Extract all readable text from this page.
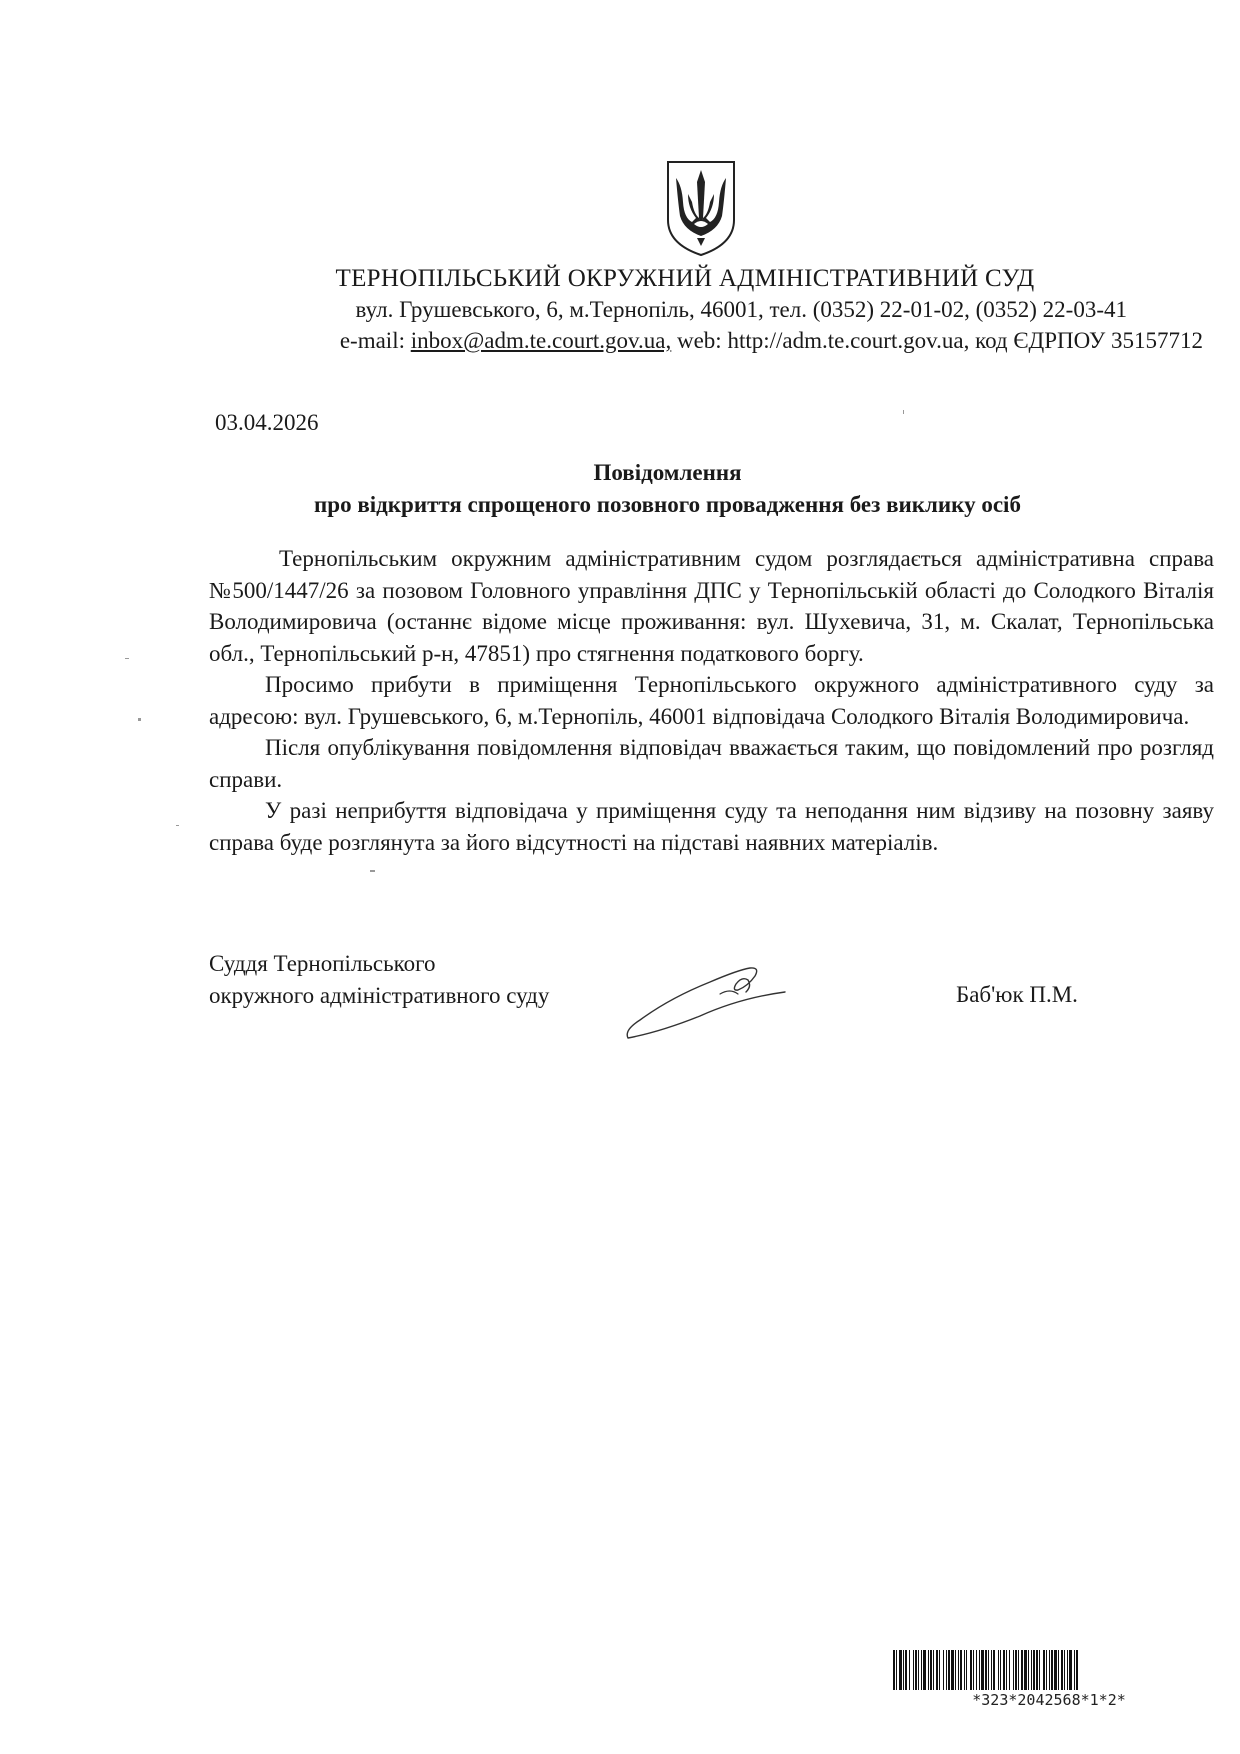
ТЕРНОПІЛЬСЬКИЙ ОКРУЖНИЙ АДМІНІСТРАТИВНИЙ СУД
вул. Грушевського, 6, м.Тернопіль, 46001, тел. (0352) 22-01-02, (0352) 22-03-41
e-mail: inbox@adm.te.court.gov.ua, web: http://adm.te.court.gov.ua, код ЄДРПОУ 35157712
03.04.2026
Повідомлення
про відкриття спрощеного позовного провадження без виклику осіб

Тернопільським окружним адміністративним судом розглядається адміністративна справа №500/1447/26 за позовом Головного управління ДПС у Тернопільській області до Солодкого Віталія Володимировича (останнє відоме місце проживання: вул. Шухевича, 31, м. Скалат, Тернопільська обл., Тернопільський р-н, 47851) про стягнення податкового боргу.

Просимо прибути в приміщення Тернопільського окружного адміністративного суду за адресою: вул. Грушевського, 6, м.Тернопіль, 46001 відповідача Солодкого Віталія Володимировича.

Після опублікування повідомлення відповідач вважається таким, що повідомлений про розгляд справи.

У разі неприбуття відповідача у приміщення суду та неподання ним відзиву на позовну заяву справа буде розглянута за його відсутності на підставі наявних матеріалів.

Суддя Тернопільського
окружного адміністративного суду	Баб'юк П.М.
*323*2042568*1*2*
